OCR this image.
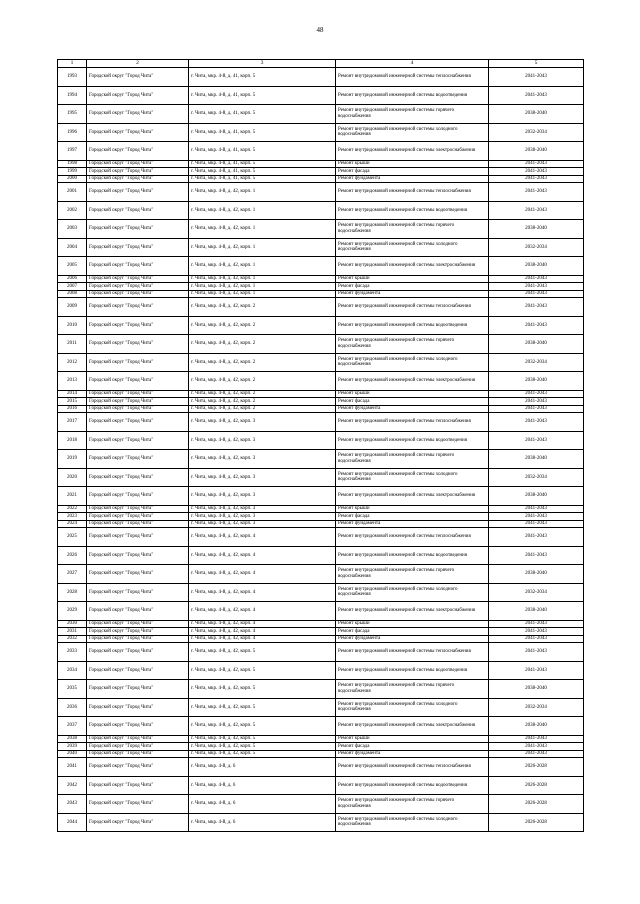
48
1	2	3	4	5
1993	Городской округ "Город Чита"	г. Чита, мкр. 4-й, д. 41, корп. 5	Ремонт внутридомовой инженерной системы теплоснабжения	2041-2043
1994	Городской округ "Город Чита"	г. Чита, мкр. 4-й, д. 41, корп. 5	Ремонт внутридомовой инженерной системы водоотведения	2041-2043
1995	Городской округ "Город Чита"	г. Чита, мкр. 4-й, д. 41, корп. 5	Ремонт внутридомовой инженерной системы горячего водоснабжения	2038-2040
1996	Городской округ "Город Чита"	г. Чита, мкр. 4-й, д. 41, корп. 5	Ремонт внутридомовой инженерной системы холодного водоснабжения	2032-2034
1997	Городской округ "Город Чита"	г. Чита, мкр. 4-й, д. 41, корп. 5	Ремонт внутридомовой инженерной системы электроснабжения	2038-2040
1998	Городской округ "Город Чита"	г. Чита, мкр. 4-й, д. 41, корп. 5	Ремонт крыши	2041-2043
1999	Городской округ "Город Чита"	г. Чита, мкр. 4-й, д. 41, корп. 5	Ремонт фасада	2041-2043
2000	Городской округ "Город Чита"	г. Чита, мкр. 4-й, д. 41, корп. 5	Ремонт фундамента	2041-2043
2001	Городской округ "Город Чита"	г. Чита, мкр. 4-й, д. 42, корп. 1	Ремонт внутридомовой инженерной системы теплоснабжения	2041-2043
2002	Городской округ "Город Чита"	г. Чита, мкр. 4-й, д. 42, корп. 1	Ремонт внутридомовой инженерной системы водоотведения	2041-2043
2003	Городской округ "Город Чита"	г. Чита, мкр. 4-й, д. 42, корп. 1	Ремонт внутридомовой инженерной системы горячего водоснабжения	2038-2040
2004	Городской округ "Город Чита"	г. Чита, мкр. 4-й, д. 42, корп. 1	Ремонт внутридомовой инженерной системы холодного водоснабжения	2032-2034
2005	Городской округ "Город Чита"	г. Чита, мкр. 4-й, д. 42, корп. 1	Ремонт внутридомовой инженерной системы электроснабжения	2038-2040
2006	Городской округ "Город Чита"	г. Чита, мкр. 4-й, д. 42, корп. 1	Ремонт крыши	2041-2043
2007	Городской округ "Город Чита"	г. Чита, мкр. 4-й, д. 42, корп. 1	Ремонт фасада	2041-2043
2008	Городской округ "Город Чита"	г. Чита, мкр. 4-й, д. 42, корп. 1	Ремонт фундамента	2041-2043
2009	Городской округ "Город Чита"	г. Чита, мкр. 4-й, д. 42, корп. 2	Ремонт внутридомовой инженерной системы теплоснабжения	2041-2043
2010	Городской округ "Город Чита"	г. Чита, мкр. 4-й, д. 42, корп. 2	Ремонт внутридомовой инженерной системы водоотведения	2041-2043
2011	Городской округ "Город Чита"	г. Чита, мкр. 4-й, д. 42, корп. 2	Ремонт внутридомовой инженерной системы горячего водоснабжения	2038-2040
2012	Городской округ "Город Чита"	г. Чита, мкр. 4-й, д. 42, корп. 2	Ремонт внутридомовой инженерной системы холодного водоснабжения	2032-2034
2013	Городской округ "Город Чита"	г. Чита, мкр. 4-й, д. 42, корп. 2	Ремонт внутридомовой инженерной системы электроснабжения	2038-2040
2014	Городской округ "Город Чита"	г. Чита, мкр. 4-й, д. 42, корп. 2	Ремонт крыши	2041-2043
2015	Городской округ "Город Чита"	г. Чита, мкр. 4-й, д. 42, корп. 2	Ремонт фасада	2041-2043
2016	Городской округ "Город Чита"	г. Чита, мкр. 4-й, д. 42, корп. 2	Ремонт фундамента	2041-2043
2017	Городской округ "Город Чита"	г. Чита, мкр. 4-й, д. 42, корп. 3	Ремонт внутридомовой инженерной системы теплоснабжения	2041-2043
2018	Городской округ "Город Чита"	г. Чита, мкр. 4-й, д. 42, корп. 3	Ремонт внутридомовой инженерной системы водоотведения	2041-2043
2019	Городской округ "Город Чита"	г. Чита, мкр. 4-й, д. 42, корп. 3	Ремонт внутридомовой инженерной системы горячего водоснабжения	2038-2040
2020	Городской округ "Город Чита"	г. Чита, мкр. 4-й, д. 42, корп. 3	Ремонт внутридомовой инженерной системы холодного водоснабжения	2032-2034
2021	Городской округ "Город Чита"	г. Чита, мкр. 4-й, д. 42, корп. 3	Ремонт внутридомовой инженерной системы электроснабжения	2038-2040
2022	Городской округ "Город Чита"	г. Чита, мкр. 4-й, д. 42, корп. 3	Ремонт крыши	2041-2043
2023	Городской округ "Город Чита"	г. Чита, мкр. 4-й, д. 42, корп. 3	Ремонт фасада	2041-2043
2024	Городской округ "Город Чита"	г. Чита, мкр. 4-й, д. 42, корп. 3	Ремонт фундамента	2041-2043
2025	Городской округ "Город Чита"	г. Чита, мкр. 4-й, д. 42, корп. 4	Ремонт внутридомовой инженерной системы теплоснабжения	2041-2043
2026	Городской округ "Город Чита"	г. Чита, мкр. 4-й, д. 42, корп. 4	Ремонт внутридомовой инженерной системы водоотведения	2041-2043
2027	Городской округ "Город Чита"	г. Чита, мкр. 4-й, д. 42, корп. 4	Ремонт внутридомовой инженерной системы горячего водоснабжения	2038-2040
2028	Городской округ "Город Чита"	г. Чита, мкр. 4-й, д. 42, корп. 4	Ремонт внутридомовой инженерной системы холодного водоснабжения	2032-2034
2029	Городской округ "Город Чита"	г. Чита, мкр. 4-й, д. 42, корп. 4	Ремонт внутридомовой инженерной системы электроснабжения	2038-2040
2030	Городской округ "Город Чита"	г. Чита, мкр. 4-й, д. 42, корп. 4	Ремонт крыши	2041-2043
2031	Городской округ "Город Чита"	г. Чита, мкр. 4-й, д. 42, корп. 4	Ремонт фасада	2041-2043
2032	Городской округ "Город Чита"	г. Чита, мкр. 4-й, д. 42, корп. 4	Ремонт фундамента	2041-2043
2033	Городской округ "Город Чита"	г. Чита, мкр. 4-й, д. 42, корп. 5	Ремонт внутридомовой инженерной системы теплоснабжения	2041-2043
2034	Городской округ "Город Чита"	г. Чита, мкр. 4-й, д. 42, корп. 5	Ремонт внутридомовой инженерной системы водоотведения	2041-2043
2035	Городской округ "Город Чита"	г. Чита, мкр. 4-й, д. 42, корп. 5	Ремонт внутридомовой инженерной системы горячего водоснабжения	2038-2040
2036	Городской округ "Город Чита"	г. Чита, мкр. 4-й, д. 42, корп. 5	Ремонт внутридомовой инженерной системы холодного водоснабжения	2032-2034
2037	Городской округ "Город Чита"	г. Чита, мкр. 4-й, д. 42, корп. 5	Ремонт внутридомовой инженерной системы электроснабжения	2038-2040
2038	Городской округ "Город Чита"	г. Чита, мкр. 4-й, д. 42, корп. 5	Ремонт крыши	2041-2043
2039	Городской округ "Город Чита"	г. Чита, мкр. 4-й, д. 42, корп. 5	Ремонт фасада	2041-2043
2040	Городской округ "Город Чита"	г. Чита, мкр. 4-й, д. 42, корп. 5	Ремонт фундамента	2041-2043
2041	Городской округ "Город Чита"	г. Чита, мкр. 4-й, д. 6	Ремонт внутридомовой инженерной системы теплоснабжения	2026-2028
2042	Городской округ "Город Чита"	г. Чита, мкр. 4-й, д. 6	Ремонт внутридомовой инженерной системы водоотведения	2026-2028
2043	Городской округ "Город Чита"	г. Чита, мкр. 4-й, д. 6	Ремонт внутридомовой инженерной системы горячего водоснабжения	2026-2028
2044	Городской округ "Город Чита"	г. Чита, мкр. 4-й, д. 6	Ремонт внутридомовой инженерной системы холодного водоснабжения	2026-2028
